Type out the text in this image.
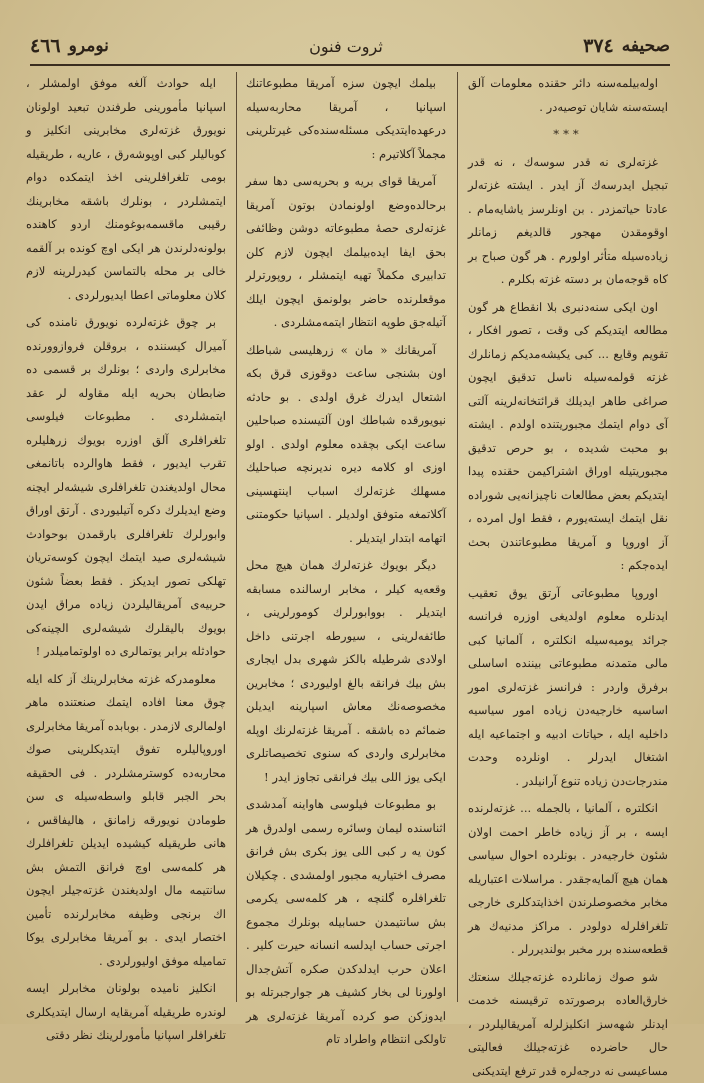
صحیفه
٣٧٤
ثروت فنون
نومرو
٤٦٦

اوله‌بیلمه‌سنه دائر حقنده معلومات آلق ایسته‌سنه شایان توصیه‌در .

***

غزته‌لری نه قدر سوسه‌ك ، نه قدر تبجیل ایدرسه‌ك آز ایدر . ایشته غزته‌لر عادتا حیاتمزدر . بن اونلرسز یاشایه‌مام . اوقومقدن مهجور قالدیغم زمانلر زیاده‌سیله متأثر اولورم . هر گون صباح بر کاه قوجه‌مان بر دسته غزته بکلرم .

اون ایکی سنه‌دنبری بلا انقطاع هر گون مطالعه ایتدیکم کی وقت ، تصور افکار ، تقویم وقایع ... کبی یکیشه‌مدیکم زمانلرك غزته قولمه‌سیله ناسل تدقیق ایچون صراغی طاهر ایدیلك قرائتخانه‌لرینه آلتی آی دوام ایتمك مجبوریتنده اولدم . ایشته بو محبت شدیده ، بو حرص تدقیق مجبوریتیله اوراق اشتراکیمن حقنده پیدا ایتدیکم بعض مطالعات ناچیزانه‌یی شوراده نقل ایتمك ایسته‌یورم ، فقط اول امرده ، آز اوروپا و آمریقا مطبوعاتندن بحث ایده‌جکم :

اوروپا مطبوعاتی آرتق یوق تعقیب ایدنلره معلوم اولدیغی اوزره فرانسه جرائد یومیه‌سیله انکلتره ، آلمانیا کبی مالی متمدنه مطبوعاتی بیننده اساسلی برفرق واردر : فرانسز غزته‌لری امور اساسیه خارجیه‌دن زیاده امور سیاسیه داخلیه ایله ، حیاتات ادبیه و اجتماعیه ایله اشتغال ایدرلر . اونلرده وحدت مندرجات‌دن زیاده تنوع آرانیلدر .

انکلتره ، آلمانیا ، بالجمله ... غزته‌لرنده ایسه ، بر آز زیاده خاطر احمت اولان شئون خارجیه‌در . بونلرده احوال سیاسی همان هیچ آلمایه‌جقدر . مراسلات اعتباریله مخابر مخصوصلرندن اخذایتدکلری خارجی تلغرافلرله دولودر . مراکز مدنیه‌ك هر قطعه‌سنده برر مخبر بولندیررلر .

شو صوك زمانلرده غزته‌جیلك سنعتك خارق‌العاده برصورتده ترقیسنه خدمت ایدنلر شهه‌سز انکلیزلرله آمریقالیلردر ، حال حاضرده غزته‌جیلك فعالیتی مساعیسی نه درجه‌لره قدر ترفع ایتدیکنی

بیلمك ایچون سزه آمریقا مطبوعاتنك اسپانیا ، آمریقا محاربه‌سیله درعهده‌ایتدیکی مسئله‌سنده‌کی غیرتلرینی مجملاً آکلاتیرم :

آمریقا قوای بریه و بحریه‌سی دها سفر برحالده‌وضع اولونمادن بوتون آمریقا غزته‌لری حصهٔ مطبوعاته دوشن وظائفی بحق ایفا ایده‌بیلمك ایچون لازم کلن تدابیری مکملاً تهیه ایتمشلر ، روپورترلر موقعلرنده حاضر بولونمق ایچون ایلك آتیله‌جق طوپه انتظار ایتمه‌مشلردی .

آمریقانك « مان » زرهلیسی شباطك اون بشنجی ساعت دوقوزی قرق بکه اشتعال ایدرك غرق اولدی . بو حادثه نیویورقده شباطك اون آلتیسنده صباحلین ساعت ایکی بچقده معلوم اولدی . اولو اوزی او کلامه دیره ندیرنچه صباحلیك مسهلك غزته‌لرك اسباب اینتهسینی آکلاتمغه متوفق اولدیلر . اسپانیا حکومتنی اتهامه ابتدار ایتدیلر .

دیگر بویوك غزته‌لرك همان هیچ محل وقعه‌یه کیلر ، مخابر ارسالنده مسابقه ایتدیلر . بووابورلرك کومورلرینی ، طائفه‌لرینی ، سیورطه اجرتنی داخل اولادی شرطیله بالکز شهری بدل ایجاری بش بیك فرانقه بالغ اولیوردی ؛ مخابرین مخصوصه‌نك معاش اسپارینه ایدیلن ضمائم ده باشقه . آمریقا غزته‌لرنك اوپله مخابرلری واردی که سنوی تخصیصاتلری ایکی یوز اللی بیك فرانقی تجاوز ایدر !

بو مطبوعات فیلوسی هاواینه آمدشدی اثناسنده لیمان وسائره رسمی اولدرق هر کون یه ر کبی اللی یوز بکری بش فرانق مصرف اختیاریه مجبور اولمشدی . چکیلان تلغرافلره گلنچه ، هر کلمه‌سی یکرمی بش سانتیمدن حسابیله بونلرك مجموع اجرتی حساب ایدلسه انسانه حیرت کلیر . اعلان حرب ایدلدکدن صکره آتش‌جدال اولورنا لی بخار کشیف هر جوارجبرتله بو ایدوزکن صو کرده آمریقا غزته‌لری هر تاولکی انتظام واطراد تام

ایله حوادث آلغه موفق اولمشلر ، اسپانیا مأمورینی طرفندن تبعید اولونان نویورق غزته‌لری مخابرینی انکلیز و کوبالیلر کبی اوپوشه‌رق ، عاریه ، طریقیله بومی تلغرافلرینی اخذ ایتمکده دوام ایتمشلردر ، بونلرك باشقه مخابرینك رقیبی ماقسمه‌بوغومنك اردو کاهنده بولونه‌دلرندن هر ایکی اوچ کونده بر آلقمه خالی بر محله بالتماسن کیدرلرینه لازم کلان معلوماتی اعطا ایدیورلردی .

بر چوق غزته‌لرده نویورق نامنده کی آمیرال کیسننده ، بروقلن فروازوورنده مخابرلری واردی ؛ بونلرك بر قسمی ده ضابطان بحریه ایله مقاوله لر عقد ایتمشلردی . مطبوعات فیلوسی تلغرافلری آلق اوزره بویوك زرهلیلره تقرب ایدیور ، فقط هاوالرده باتانمغی محال اولدیغندن تلغرافلری شیشه‌لر ایچنه وضع ایدیلرك دکره آتیلیوردی . آرتق اوراق وابورلرك تلغرافلری بارقمدن بوحوادث شیشه‌لری صید ایتمك ایچون کوسه‌تریان تهلکی تصور ایدیکز . فقط بعضاً شئون حربیه‌ی آمریقالیلردن زیاده مراق ایدن بویوك بالیقلرك شیشه‌لری الچینه‌کی حوادثله برابر یوتمالری ده اولوتمامیلدر !

معلومدرکه غزته مخابرلرینك آز کله ایله چوق معنا افاده ایتمك صنعتنده ماهر اولمالری لازمدر . بوبابده آمریقا مخابرلری اوروپالیلره تفوق ایتدیکلرینی صوك محاربه‌ده کوسترمشلردر . فی الحقیقه بحر الجبر قابلو واسطه‌سیله ی سن طومادن نویورقه زامانق ، هالیفاقس ، هانی طریقیله کیشیده ایدیلن تلغرافلرك هر کلمه‌سی اوچ فرانق التمش بش سانتیمه مال اولدیغندن غزته‌جیلر ایچون اك برنجی وظیفه مخابرلرنده تأمین اختصار ایدی . بو آمریقا مخابرلری یوکا تمامیله موفق اولیورلردی .

انکلیز نامیده بولونان مخابرلر ایسه لوندره طریقیله آمریقایه ارسال ایتدیکلری تلغرافلر اسپانیا مأمورلرینك نظر دقتی
